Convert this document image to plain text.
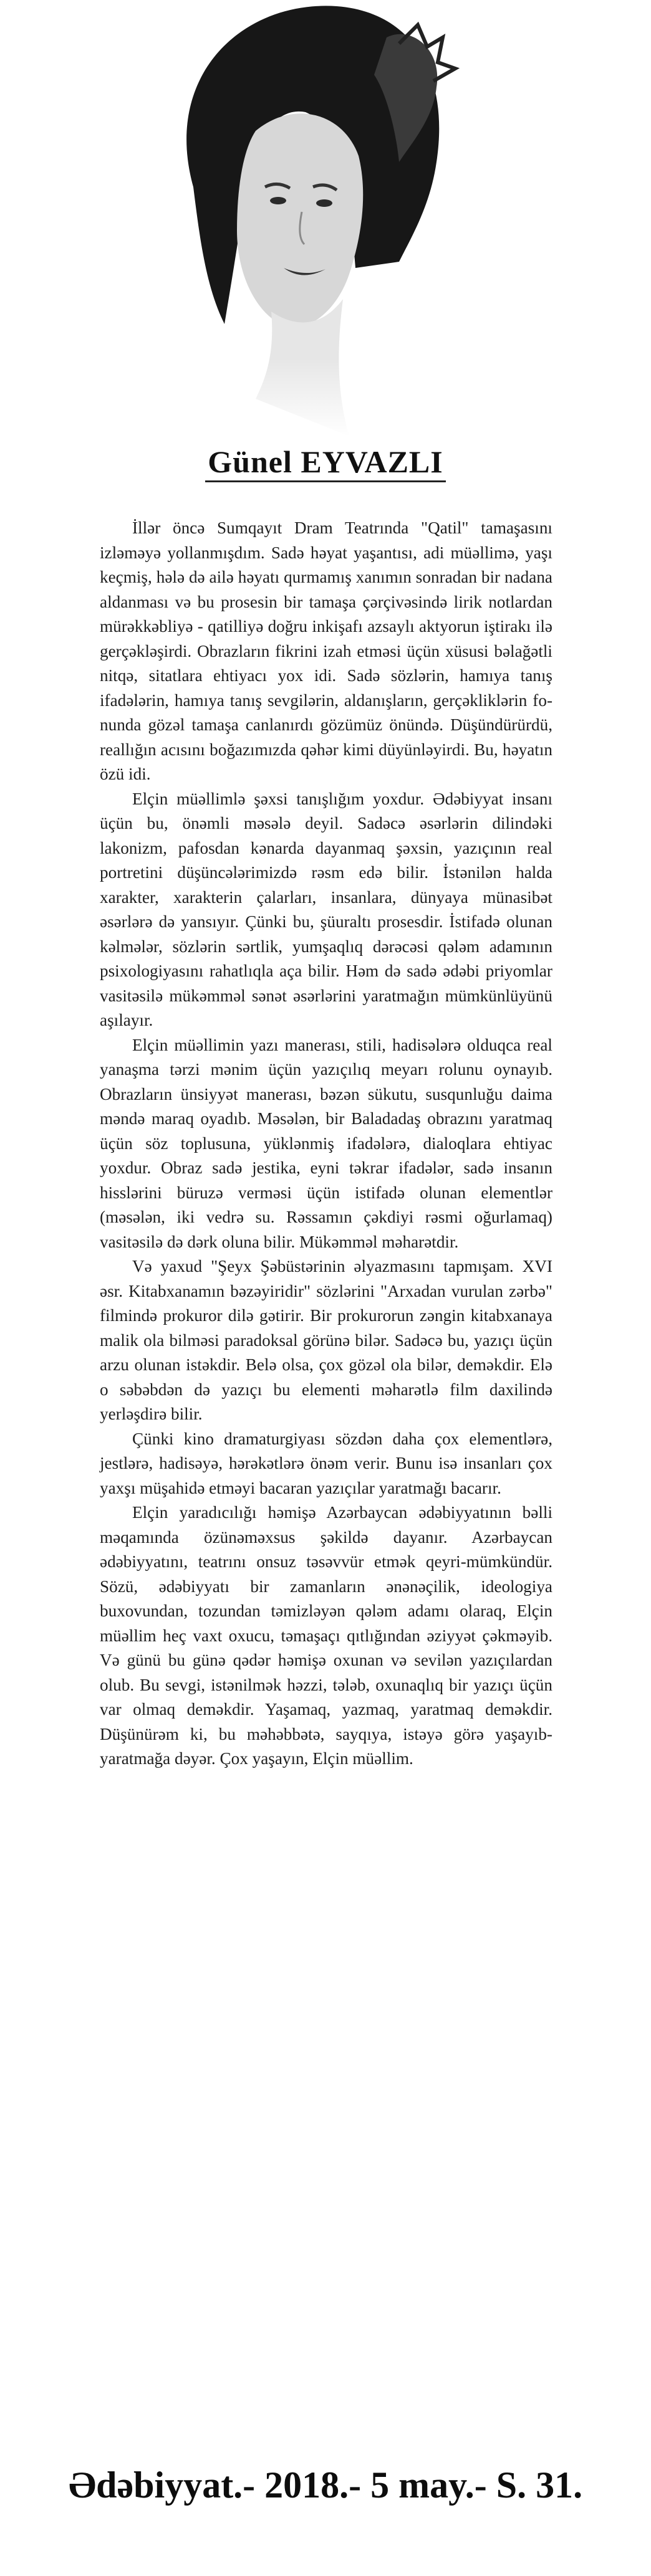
Günel EYVAZLI

İllər öncə Sumqayıt Dram Teatrında "Qatil" tamaşasını izləməyə yollanmışdım. Sadə həyat yaşantısı, adi müəllimə, yaşı keçmiş, hələ də ailə həyatı qurmamış xanımın sonradan bir nadana aldanması və bu prosesin bir tamaşa çərçivəsində lirik notlardan mürəkkəbliyə - qatilliyə doğru inkişafı azsaylı aktyorun iştirakı ilə gerçəkləşirdi. Obrazların fikrini izah etməsi üçün xüsusi bəlağətli nitqə, sitatlara ehtiyacı yox idi. Sadə sözlərin, hamıya tanış ifadələrin, hamıya tanış sevgilərin, aldanışların, gerçəkliklərin fonunda gözəl tamaşa canlanırdı gözümüz önündə. Düşündürürdü, reallığın acısını boğazımızda qəhər kimi düyünləyirdi. Bu, həyatın özü idi.

Elçin müəllimlə şəxsi tanışlığım yoxdur. Ədəbiyyat insanı üçün bu, önəmli məsələ deyil. Sadəcə əsərlərin dilindəki lakonizm, pafosdan kənarda dayanmaq şəxsin, yazıçının real portretini düşüncələrimizdə rəsm edə bilir. İstənilən halda xarakter, xarakterin çalarları, insanlara, dünyaya münasibət əsərlərə də yansıyır. Çünki bu, şüuraltı prosesdir. İstifadə olunan kəlmələr, sözlərin sərtlik, yumşaqlıq dərəcəsi qələm adamının psixologiyasını rahatlıqla aça bilir. Həm də sadə ədəbi priyomlar vasitəsilə mükəmməl sənət əsərlərini yaratmağın mümkünlüyünü aşılayır.

Elçin müəllimin yazı manerası, stili, hadisələrə olduqca real yanaşma tərzi mənim üçün yazıçılıq meyarı rolunu oynayıb. Obrazların ünsiyyət manerası, bəzən sükutu, susqunluğu daima məndə maraq oyadıb. Məsələn, bir Baladadaş obrazını yaratmaq üçün söz toplusuna, yüklənmiş ifadələrə, dialoqlara ehtiyac yoxdur. Obraz sadə jestika, eyni təkrar ifadələr, sadə insanın hisslərini büruzə verməsi üçün istifadə olunan elementlər (məsələn, iki vedrə su. Rəssamın çəkdiyi rəsmi oğurlamaq) vasitəsilə də dərk oluna bilir. Mükəmməl məharətdir.

Və yaxud "Şeyx Şəbüstərinin əlyazmasını tapmışam. XVI əsr. Kitabxanamın bəzəyiridir" sözlərini "Arxadan vurulan zərbə" filmində prokuror dilə gətirir. Bir prokurorun zəngin kitabxanaya malik ola bilməsi paradoksal görünə bilər. Sadəcə bu, yazıçı üçün arzu olunan istəkdir. Belə olsa, çox gözəl ola bilər, deməkdir. Elə o səbəbdən də yazıçı bu elementi məharətlə film daxilində yerləşdirə bilir.

Çünki kino dramaturgiyası sözdən daha çox elementlərə, jestlərə, hadisəyə, hərəkətlərə önəm verir. Bunu isə insanları çox yaxşı müşahidə etməyi bacaran yazıçılar yaratmağı bacarır.

Elçin yaradıcılığı həmişə Azərbaycan ədəbiyyatının bəlli məqamında özünəməxsus şəkildə dayanır. Azərbaycan ədəbiyyatını, teatrını onsuz təsəvvür etmək qeyri-mümkündür. Sözü, ədəbiyyatı bir zamanların ənənəçilik, ideologiya buxovundan, tozundan təmizləyən qələm adamı olaraq, Elçin müəllim heç vaxt oxucu, təmaşaçı qıtlığından əziyyət çəkməyib. Və günü bu günə qədər həmişə oxunan və sevilən yazıçılardan olub. Bu sevgi, istənilmək həzzi, tələb, oxunaqlıq bir yazıçı üçün var olmaq deməkdir. Yaşamaq, yazmaq, yaratmaq deməkdir. Düşünürəm ki, bu məhəbbətə, sayqıya, istəyə görə yaşayıb-yaratmağa dəyər. Çox yaşayın, Elçin müəllim.

Ədəbiyyat.- 2018.- 5 may.- S. 31.
